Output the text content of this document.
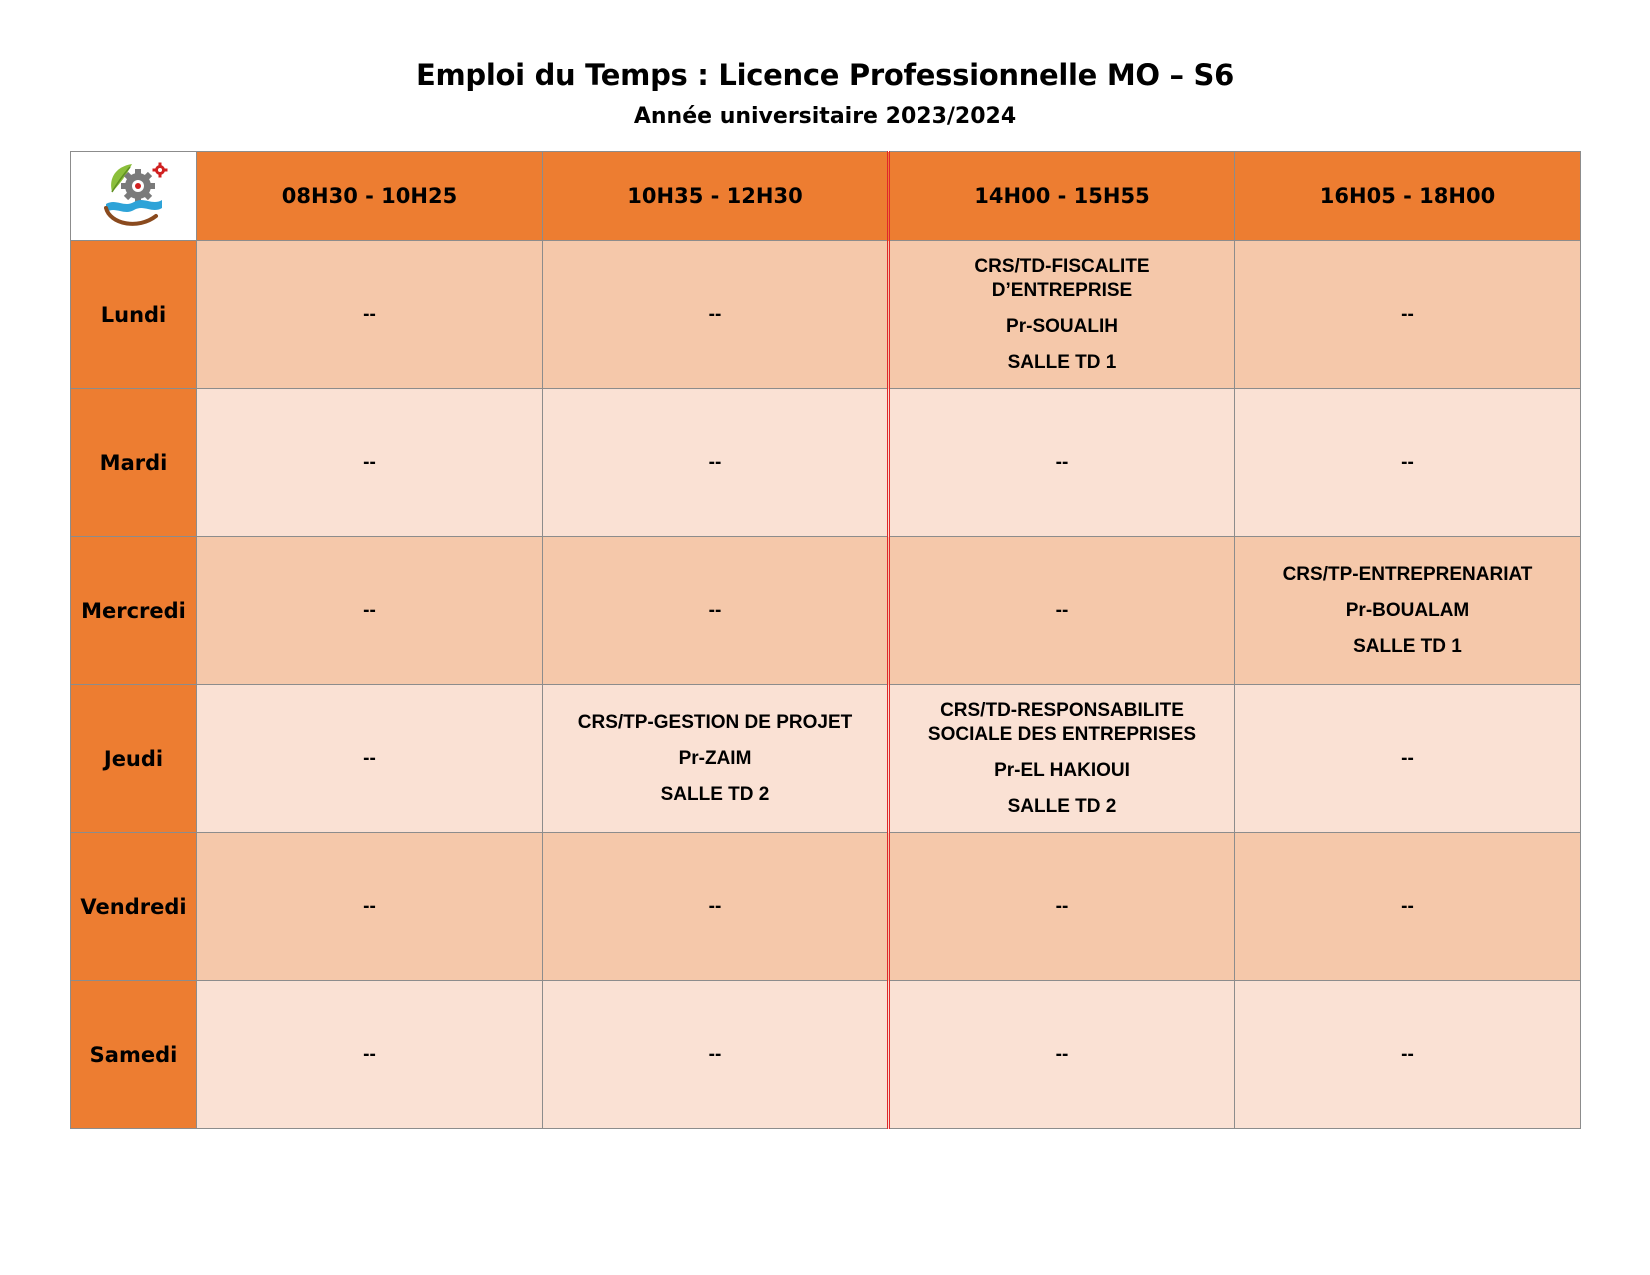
Emploi du Temps : Licence Professionnelle MO – S6
Année universitaire 2023/2024
	08H30 - 10H25	10H35 - 12H30	14H00 - 15H55	16H05 - 18H00
Lundi	--	--	CRS/TD-FISCALITE
D’ENTREPRISE
Pr-SOUALIH
SALLE TD 1	--

Mardi	--	--	--	--

Mercredi	--	--	--	CRS/TP-ENTREPRENARIAT
Pr-BOUALAM
SALLE TD 1

Jeudi	--	CRS/TP-GESTION DE PROJET
Pr-ZAIM
SALLE TD 2	CRS/TD-RESPONSABILITE
SOCIALE DES ENTREPRISES
Pr-EL HAKIOUI
SALLE TD 2	--

Vendredi	--	--	--	--

Samedi	--	--	--	--
